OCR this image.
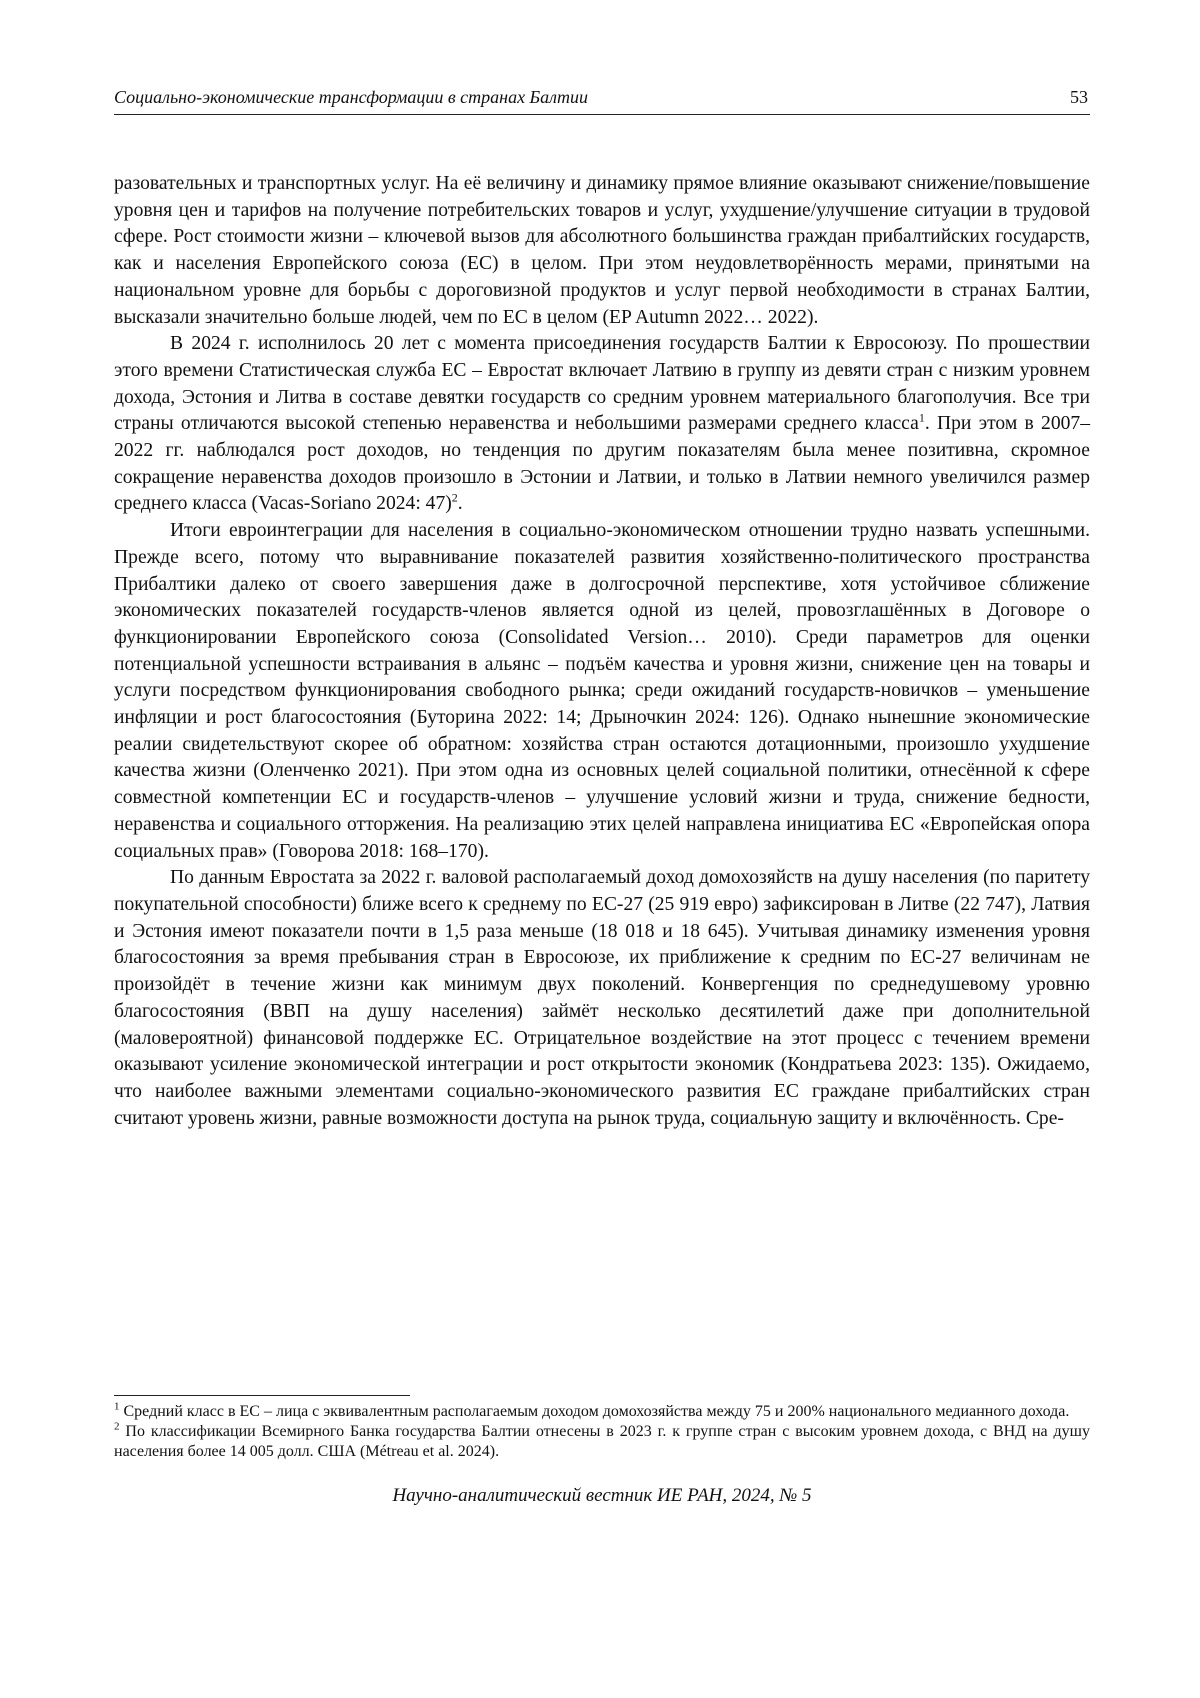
Социально-экономические трансформации в странах Балтии	53

разовательных и транспортных услуг. На её величину и динамику прямое влияние оказывают снижение/повышение уровня цен и тарифов на получение потребительских товаров и услуг, ухудшение/улучшение ситуации в трудовой сфере. Рост стоимости жизни – ключевой вызов для абсолютного большинства граждан прибалтийских государств, как и населения Европейского союза (ЕС) в целом. При этом неудовлетворённость мерами, принятыми на национальном уровне для борьбы с дороговизной продуктов и услуг первой необходимости в странах Балтии, высказали значительно больше людей, чем по ЕС в целом (EP Autumn 2022… 2022).

В 2024 г. исполнилось 20 лет с момента присоединения государств Балтии к Евросоюзу. По прошествии этого времени Статистическая служба ЕС – Евростат включает Латвию в группу из девяти стран с низким уровнем дохода, Эстония и Литва в составе девятки государств со средним уровнем материального благополучия. Все три страны отличаются высокой степенью неравенства и небольшими размерами среднего класса$^1$. При этом в 2007–2022 гг. наблюдался рост доходов, но тенденция по другим показателям была менее позитивна, скромное сокращение неравенства доходов произошло в Эстонии и Латвии, и только в Латвии немного увеличился размер среднего класса (Vacas-Soriano 2024: 47)$^2$.

Итоги евроинтеграции для населения в социально-экономическом отношении трудно назвать успешными. Прежде всего, потому что выравнивание показателей развития хозяйственно-политического пространства Прибалтики далеко от своего завершения даже в долгосрочной перспективе, хотя устойчивое сближение экономических показателей государств-членов является одной из целей, провозглашённых в Договоре о функционировании Европейского союза (Consolidated Version… 2010). Среди параметров для оценки потенциальной успешности встраивания в альянс – подъём качества и уровня жизни, снижение цен на товары и услуги посредством функционирования свободного рынка; среди ожиданий государств-новичков – уменьшение инфляции и рост благосостояния (Буторина 2022: 14; Дрыночкин 2024: 126). Однако нынешние экономические реалии свидетельствуют скорее об обратном: хозяйства стран остаются дотационными, произошло ухудшение качества жизни (Оленченко 2021). При этом одна из основных целей социальной политики, отнесённой к сфере совместной компетенции ЕС и государств-членов – улучшение условий жизни и труда, снижение бедности, неравенства и социального отторжения. На реализацию этих целей направлена инициатива ЕС «Европейская опора социальных прав» (Говорова 2018: 168–170).

По данным Евростата за 2022 г. валовой располагаемый доход домохозяйств на душу населения (по паритету покупательной способности) ближе всего к среднему по ЕС-27 (25 919 евро) зафиксирован в Литве (22 747), Латвия и Эстония имеют показатели почти в 1,5 раза меньше (18 018 и 18 645). Учитывая динамику изменения уровня благосостояния за время пребывания стран в Евросоюзе, их приближение к средним по ЕС-27 величинам не произойдёт в течение жизни как минимум двух поколений. Конвергенция по среднедушевому уровню благосостояния (ВВП на душу населения) займёт несколько десятилетий даже при дополнительной (маловероятной) финансовой поддержке ЕС. Отрицательное воздействие на этот процесс с течением времени оказывают усиление экономической интеграции и рост открытости экономик (Кондратьева 2023: 135). Ожидаемо, что наиболее важными элементами социально-экономического развития ЕС граждане прибалтийских стран считают уровень жизни, равные возможности доступа на рынок труда, социальную защиту и включённость. Сре-

$^1$ Средний класс в ЕС – лица с эквивалентным располагаемым доходом домохозяйства между 75 и 200% национального медианного дохода.

$^2$ По классификации Всемирного Банка государства Балтии отнесены в 2023 г. к группе стран с высоким уровнем дохода, с ВНД на душу населения более 14 005 долл. США (Métreau et al. 2024).

Научно-аналитический вестник ИЕ РАН, 2024, № 5
